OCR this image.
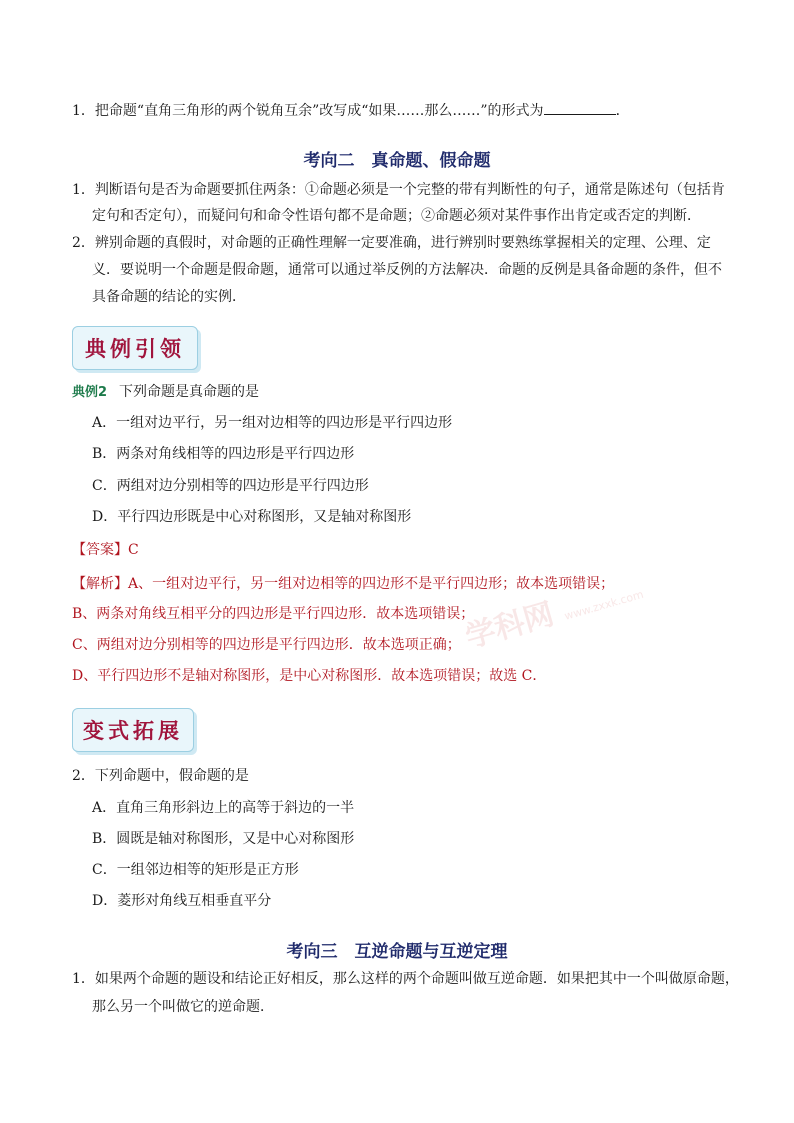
1．把命题“直角三角形的两个锐角互余”改写成“如果……那么……”的形式为	．
考向二　真命题、假命题
1．判断语句是否为命题要抓住两条：①命题必须是一个完整的带有判断性的句子，通常是陈述句（包括肯
定句和否定句），而疑问句和命令性语句都不是命题；②命题必须对某件事作出肯定或否定的判断．
2．辨别命题的真假时，对命题的正确性理解一定要准确，进行辨别时要熟练掌握相关的定理、公理、定
义．要说明一个命题是假命题，通常可以通过举反例的方法解决．命题的反例是具备命题的条件，但不
具备命题的结论的实例．
典例引领
典例2 下列命题是真命题的是
A．一组对边平行，另一组对边相等的四边形是平行四边形
B．两条对角线相等的四边形是平行四边形
C．两组对边分别相等的四边形是平行四边形
D．平行四边形既是中心对称图形，又是轴对称图形
【答案】C
【解析】A、一组对边平行，另一组对边相等的四边形不是平行四边形；故本选项错误；
B、两条对角线互相平分的四边形是平行四边形．故本选项错误；
C、两组对边分别相等的四边形是平行四边形．故本选项正确；
D、平行四边形不是轴对称图形，是中心对称图形．故本选项错误；故选 C．
学科网 www.zxxk.com
变式拓展
2．下列命题中，假命题的是
A．直角三角形斜边上的高等于斜边的一半
B．圆既是轴对称图形，又是中心对称图形
C．一组邻边相等的矩形是正方形
D．菱形对角线互相垂直平分
考向三　互逆命题与互逆定理
1．如果两个命题的题设和结论正好相反，那么这样的两个命题叫做互逆命题．如果把其中一个叫做原命题，
那么另一个叫做它的逆命题．
